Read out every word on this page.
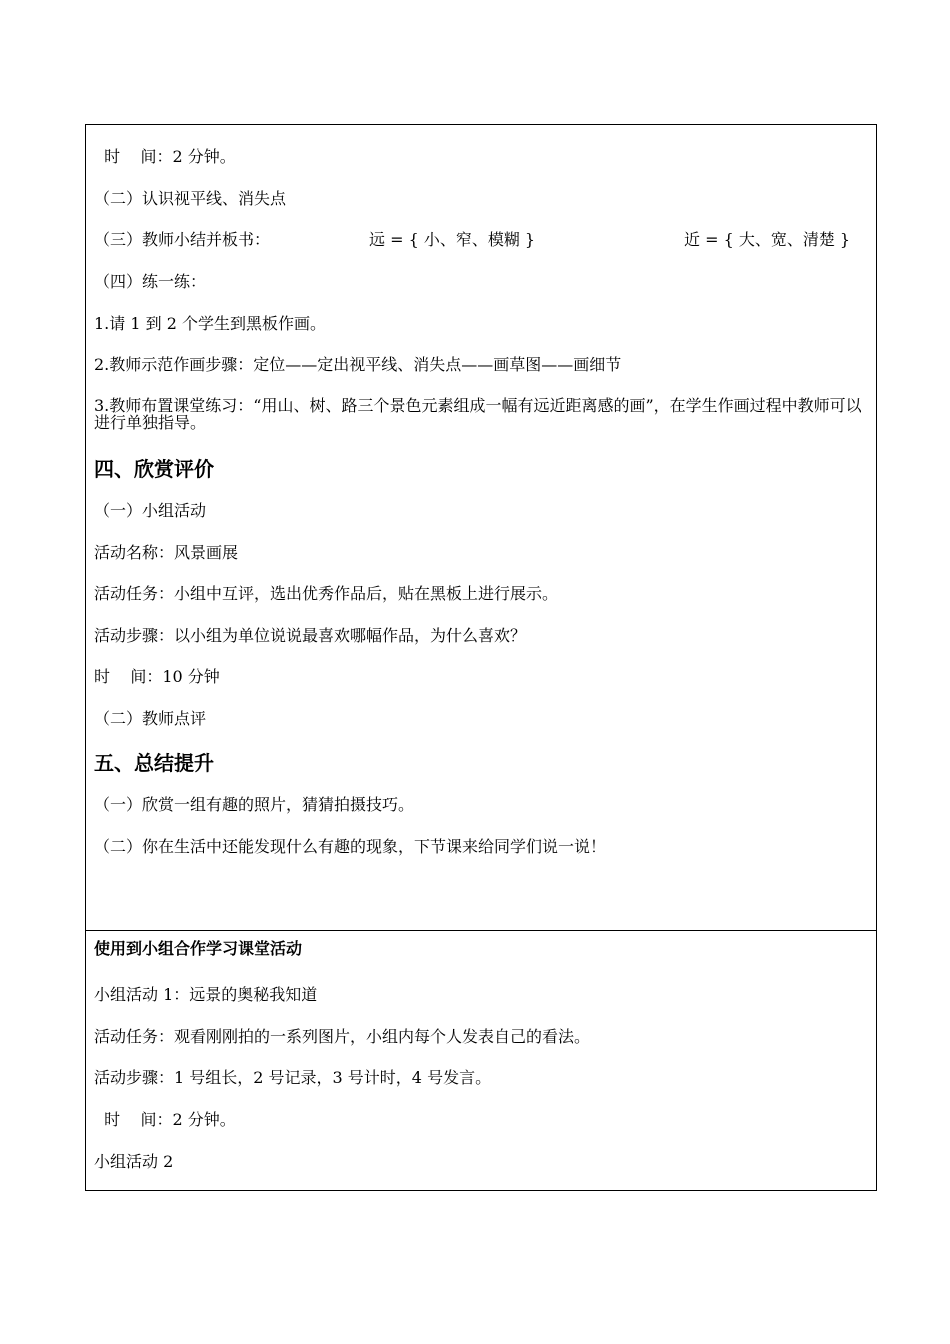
时    间：2 分钟。
（二）认识视平线、消失点
（三）教师小结并板书：	远 = { 小、窄、模糊 }	近 = { 大、宽、清楚 }
（四）练一练：
1.请 1 到 2 个学生到黑板作画。
2.教师示范作画步骤：定位——定出视平线、消失点——画草图——画细节
3.教师布置课堂练习：“用山、树、路三个景色元素组成一幅有远近距离感的画”，在学生作画过程中教师可以进行单独指导。
四、欣赏评价
（一）小组活动
活动名称：风景画展
活动任务：小组中互评，选出优秀作品后，贴在黑板上进行展示。
活动步骤：以小组为单位说说最喜欢哪幅作品，为什么喜欢？
时    间：10 分钟
（二）教师点评
五、总结提升
（一）欣赏一组有趣的照片，猜猜拍摄技巧。
（二）你在生活中还能发现什么有趣的现象，下节课来给同学们说一说！
使用到小组合作学习课堂活动
小组活动 1：远景的奥秘我知道
活动任务：观看刚刚拍的一系列图片，小组内每个人发表自己的看法。
活动步骤：1 号组长，2 号记录，3 号计时，4 号发言。
时    间：2 分钟。
小组活动 2
